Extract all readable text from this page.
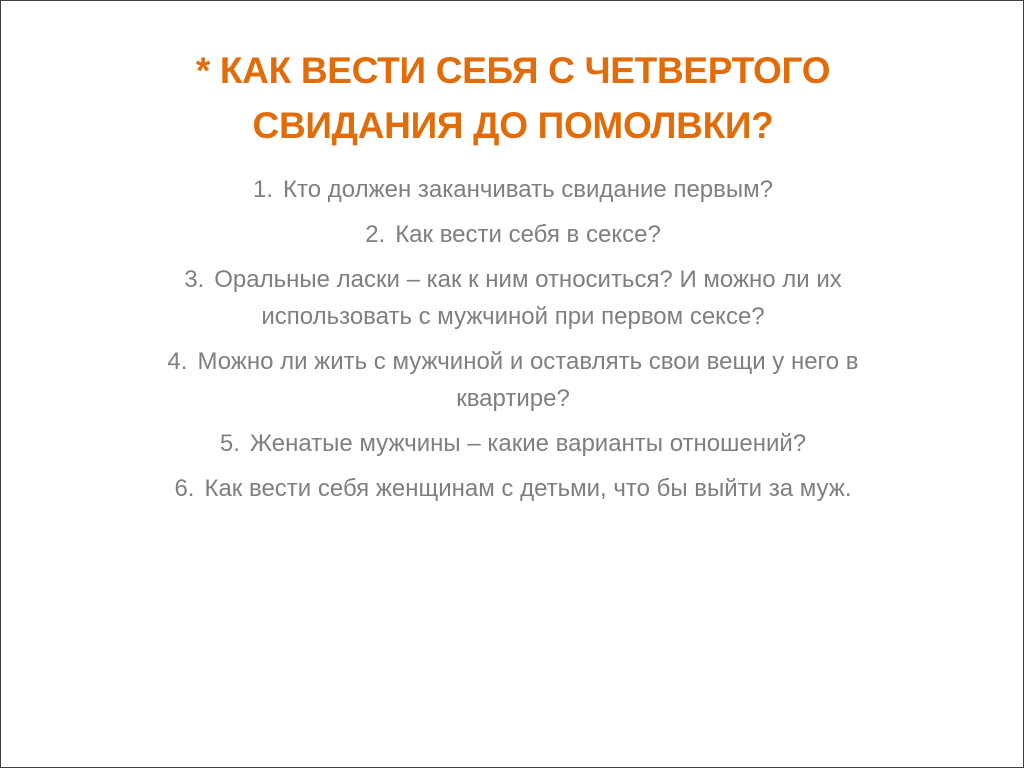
* КАК ВЕСТИ СЕБЯ С ЧЕТВЕРТОГО СВИДАНИЯ ДО ПОМОЛВКИ?
1. Кто должен заканчивать свидание первым?
2. Как вести себя в сексе?
3. Оральные ласки – как к ним относиться? И можно ли их использовать с мужчиной при первом сексе?
4. Можно ли жить с мужчиной и оставлять свои вещи у него в квартире?
5. Женатые мужчины – какие варианты отношений?
6. Как вести себя женщинам с детьми, что бы выйти за муж.
